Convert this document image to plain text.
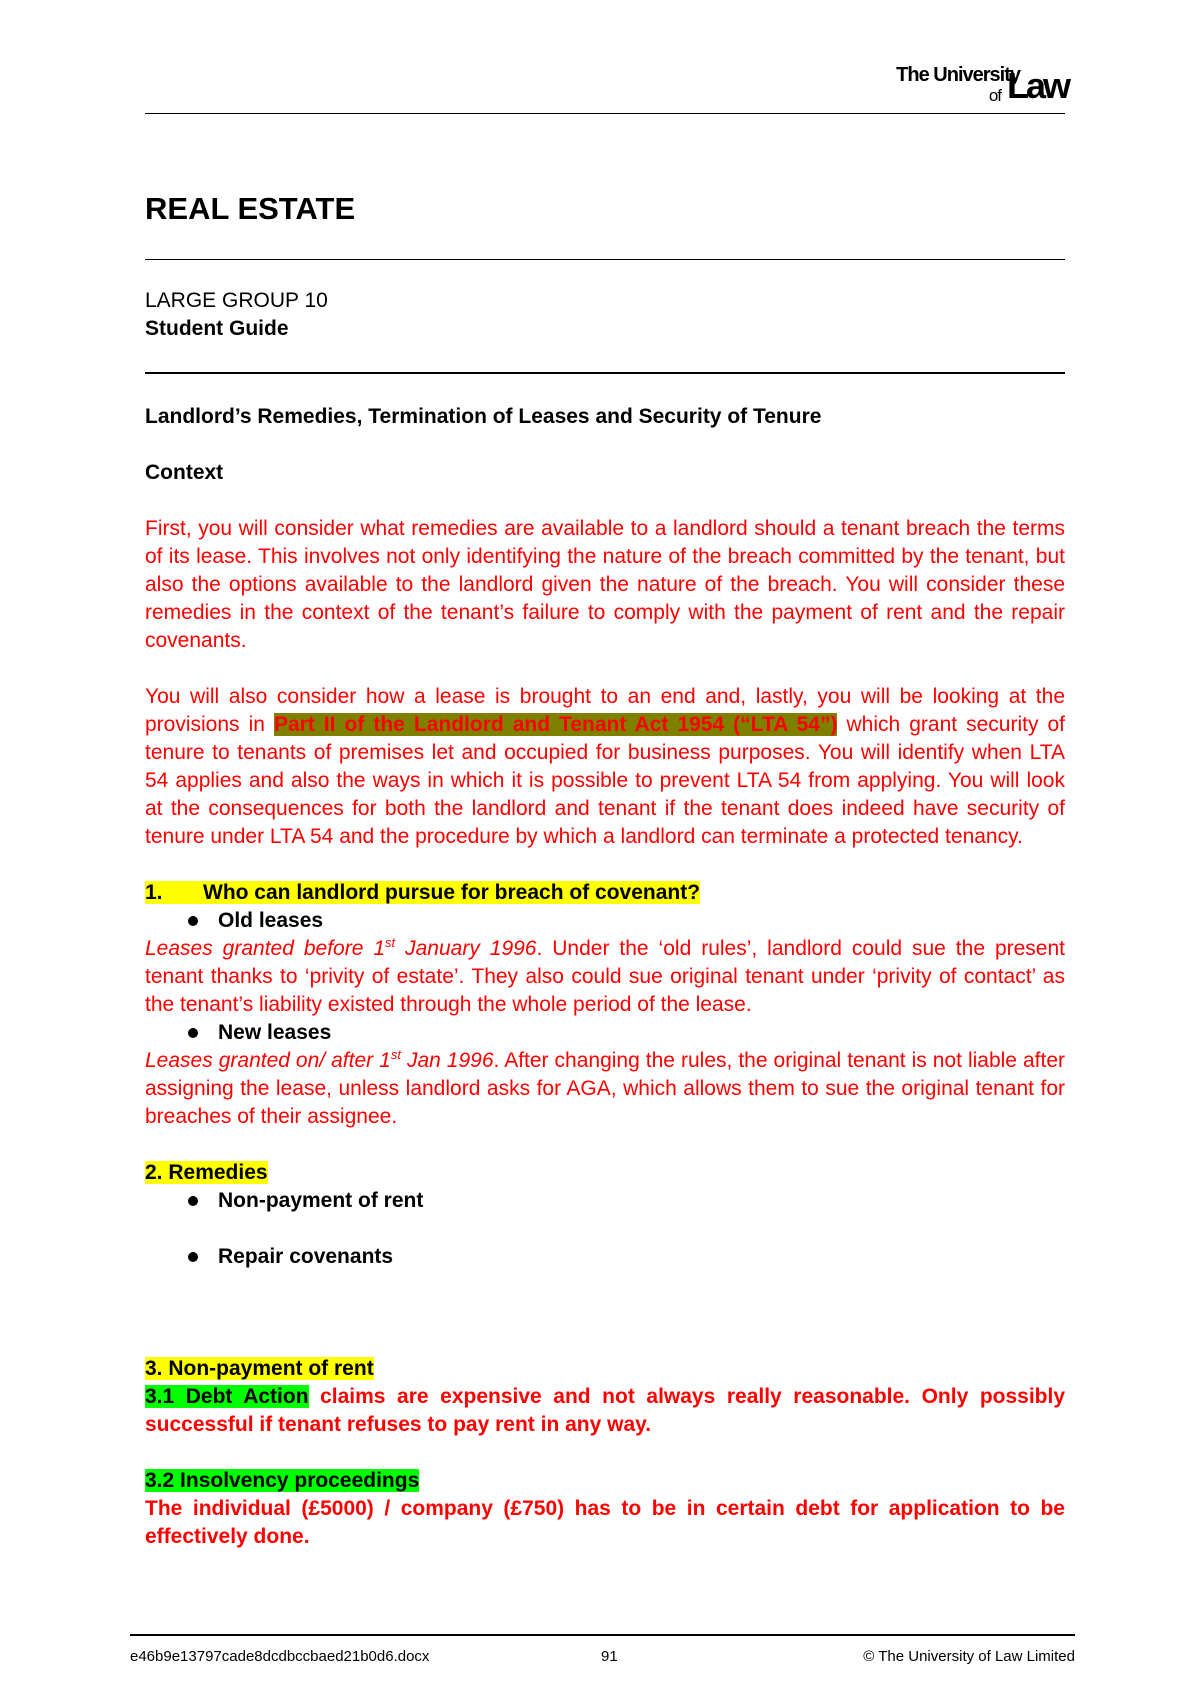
The University
of Law
REAL ESTATE
LARGE GROUP 10
Student Guide

Landlord’s Remedies, Termination of Leases and Security of Tenure

Context

First, you will consider what remedies are available to a landlord should a tenant breach the terms of its lease. This involves not only identifying the nature of the breach committed by the tenant, but also the options available to the landlord given the nature of the breach. You will consider these remedies in the context of the tenant’s failure to comply with the payment of rent and the repair covenants.

You will also consider how a lease is brought to an end and, lastly, you will be looking at the provisions in Part II of the Landlord and Tenant Act 1954 (“LTA 54”) which grant security of tenure to tenants of premises let and occupied for business purposes. You will identify when LTA 54 applies and also the ways in which it is possible to prevent LTA 54 from applying. You will look at the consequences for both the landlord and tenant if the tenant does indeed have security of tenure under LTA 54 and the procedure by which a landlord can terminate a protected tenancy.

1. Who can landlord pursue for breach of covenant?

Old leases

Leases granted before 1st January 1996. Under the ‘old rules’, landlord could sue the present tenant thanks to ‘privity of estate’. They also could sue original tenant under ‘privity of contact’ as the tenant’s liability existed through the whole period of the lease.

New leases

Leases granted on/ after 1st Jan 1996. After changing the rules, the original tenant is not liable after assigning the lease, unless landlord asks for AGA, which allows them to sue the original tenant for breaches of their assignee.

2. Remedies

Non-payment of rent

Repair covenants

3. Non-payment of rent

3.1 Debt Action claims are expensive and not always really reasonable. Only possibly successful if tenant refuses to pay rent in any way.

3.2 Insolvency proceedings

The individual (£5000) / company (£750) has to be in certain debt for application to be effectively done.

e46b9e13797cade8dcdbccbaed21b0d6.docx	91	© The University of Law Limited
